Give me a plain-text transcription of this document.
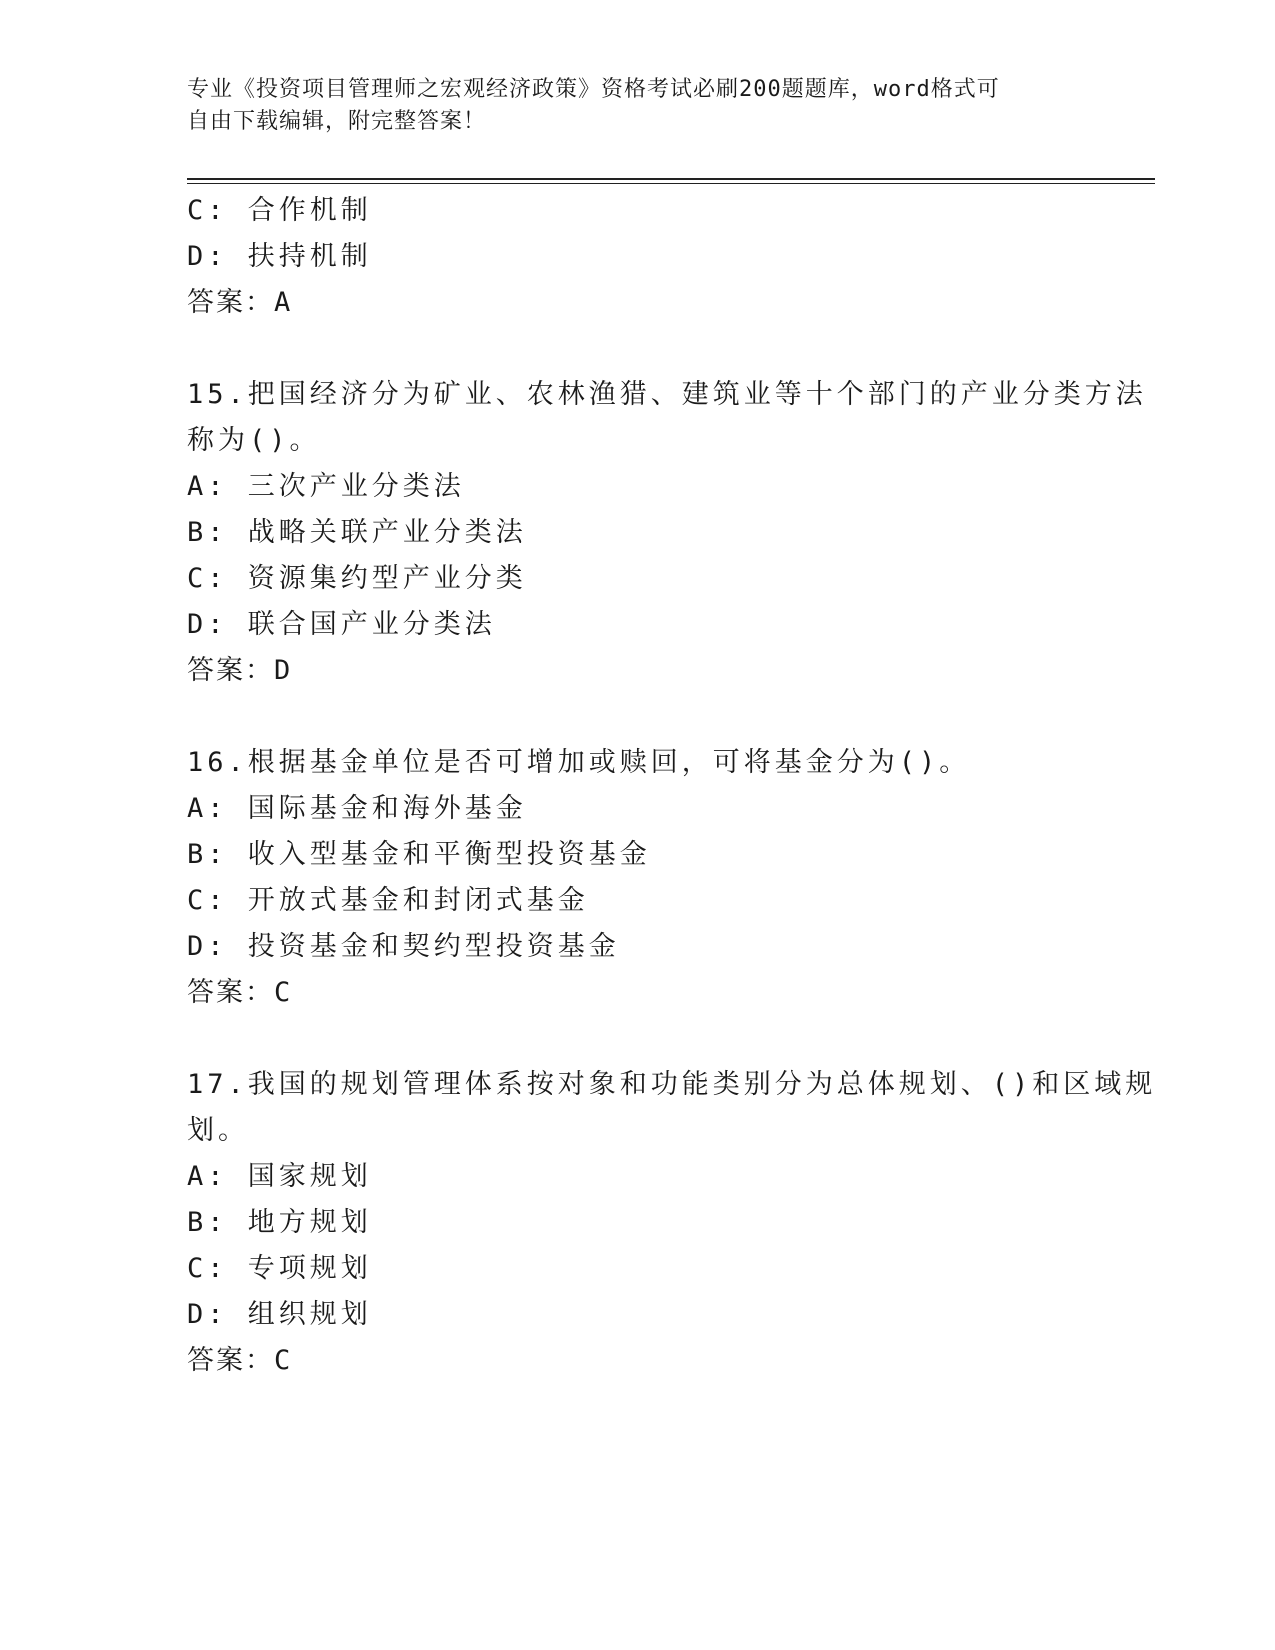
专业《投资项目管理师之宏观经济政策》资格考试必刷200题题库，word格式可
自由下载编辑，附完整答案！
C: 合作机制
D: 扶持机制
答案：A
15.把国经济分为矿业、农林渔猎、建筑业等十个部门的产业分类方法
称为()。
A: 三次产业分类法
B: 战略关联产业分类法
C: 资源集约型产业分类
D: 联合国产业分类法
答案：D
16.根据基金单位是否可增加或赎回，可将基金分为()。
A: 国际基金和海外基金
B: 收入型基金和平衡型投资基金
C: 开放式基金和封闭式基金
D: 投资基金和契约型投资基金
答案：C
17.我国的规划管理体系按对象和功能类别分为总体规划、()和区域规
划。
A: 国家规划
B: 地方规划
C: 专项规划
D: 组织规划
答案：C
